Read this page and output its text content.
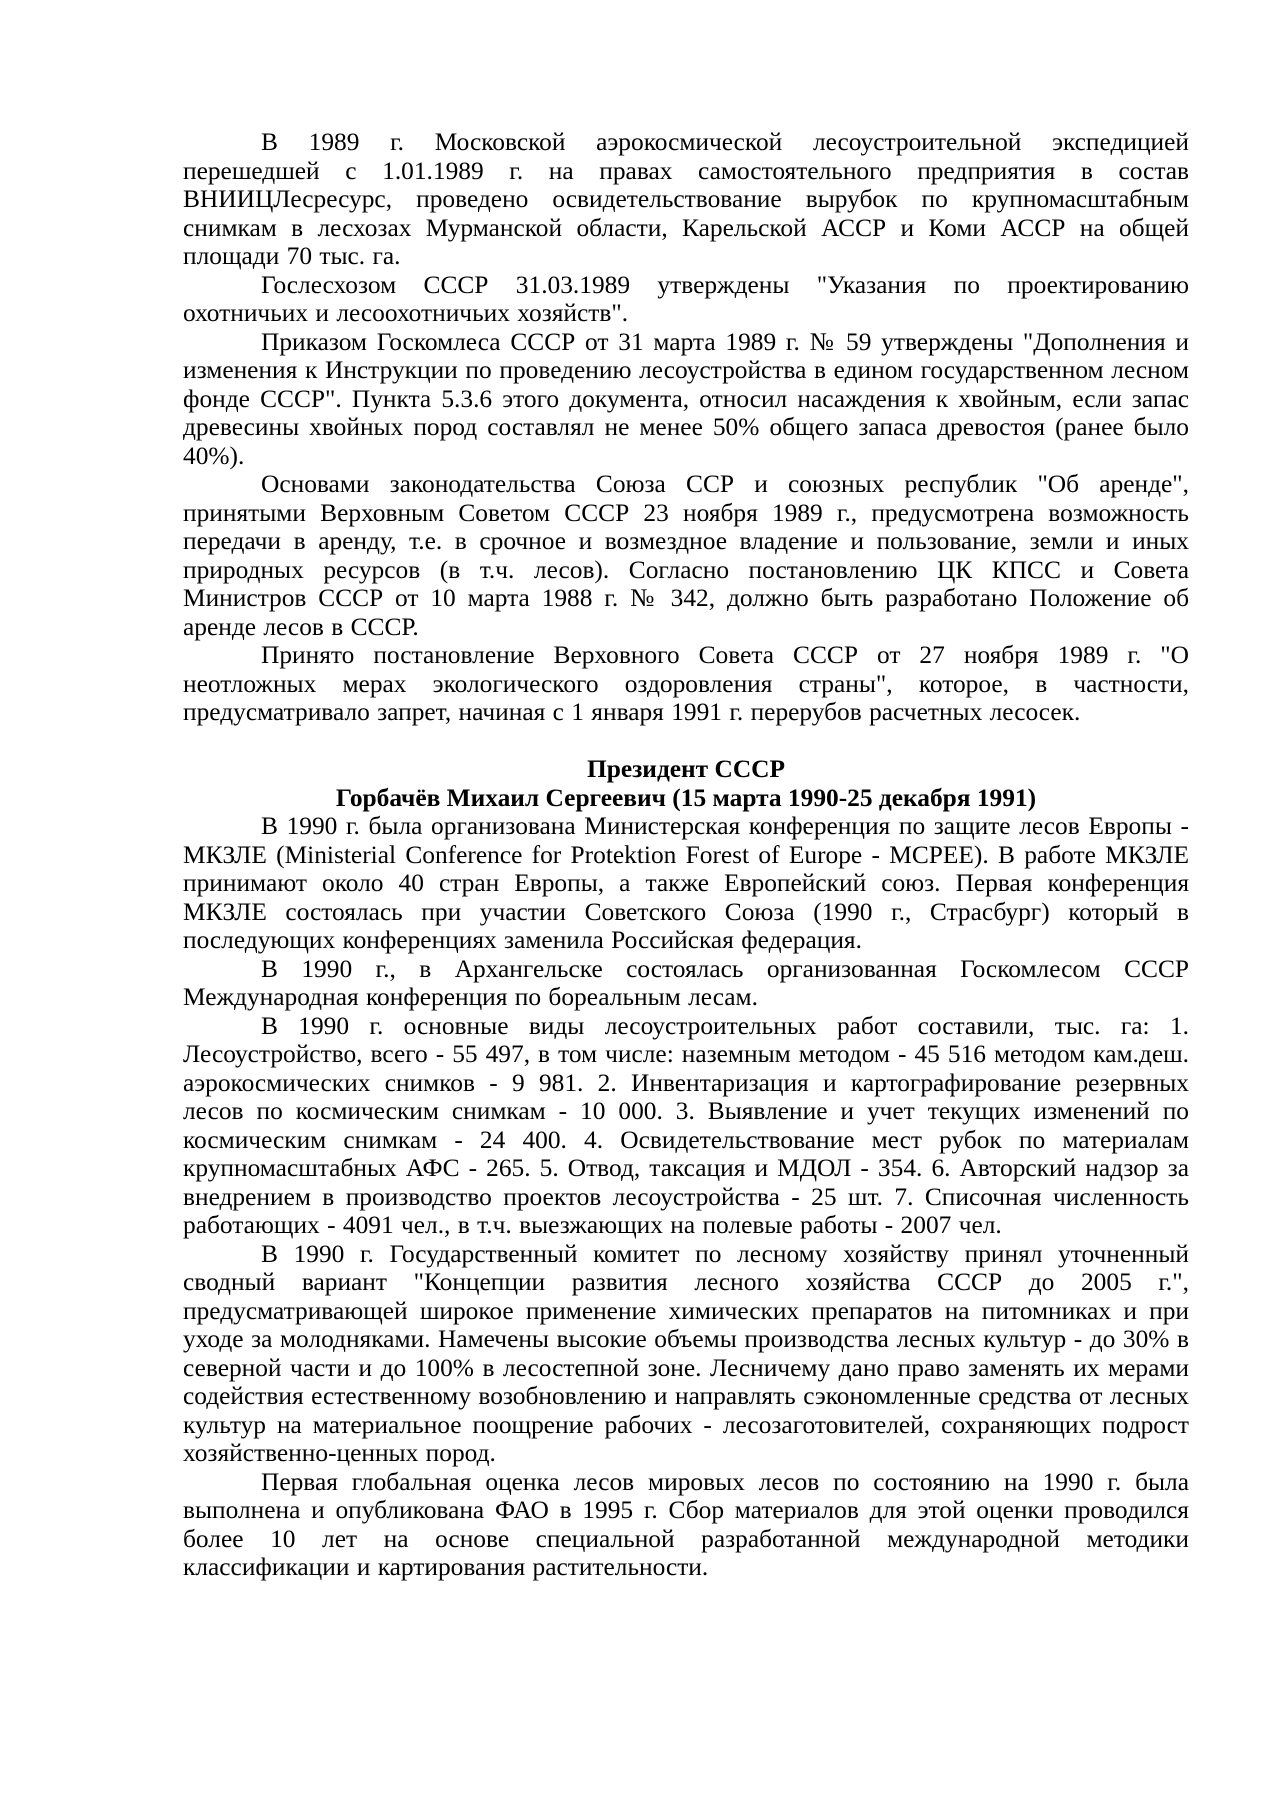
В 1989 г. Московской аэрокосмической лесоустроительной экспедицией перешедшей с 1.01.1989 г. на правах самостоятельного предприятия в состав ВНИИЦЛесресурс, проведено освидетельствование вырубок по крупномасштабным снимкам в лесхозах Мурманской области, Карельской АССР и Коми АССР на общей площади 70 тыс. га.

Гослесхозом СССР 31.03.1989 утверждены "Указания по проектированию охотничьих и лесоохотничьих хозяйств".

Приказом Госкомлеса СССР от 31 марта 1989 г. № 59 утверждены "Дополнения и изменения к Инструкции по проведению лесоустройства в едином государственном лесном фонде СССР". Пункта 5.3.6 этого документа, относил насаждения к хвойным, если запас древесины хвойных пород составлял не менее 50% общего запаса древостоя (ранее было 40%).

Основами законодательства Союза ССР и союзных республик "Об аренде", принятыми Верховным Советом СССР 23 ноября 1989 г., предусмотрена возможность передачи в аренду, т.е. в срочное и возмездное владение и пользование, земли и иных природных ресурсов (в т.ч. лесов). Согласно постановлению ЦК КПСС и Совета Министров СССР от 10 марта 1988 г. № 342, должно быть разработано Положение об аренде лесов в СССР.

Принято постановление Верховного Совета СССР от 27 ноября 1989 г. "О неотложных мерах экологического оздоровления страны", которое, в частности, предусматривало запрет, начиная с 1 января 1991 г. перерубов расчетных лесосек.

Президент СССР

Горбачёв Михаил Сергеевич (15 марта 1990-25 декабря 1991)

В 1990 г. была организована Министерская конференция по защите лесов Европы - МКЗЛЕ (Ministerial Conference for Protektion Forest of Europe - MCPEE). В работе МКЗЛЕ принимают около 40 стран Европы, а также Европейский союз. Первая конференция МКЗЛЕ состоялась при участии Советского Союза (1990 г., Страсбург) который в последующих конференциях заменила Российская федерация.

В 1990 г., в Архангельске состоялась организованная Госкомлесом СССР Международная конференция по бореальным лесам.

В 1990 г. основные виды лесоустроительных работ составили, тыс. га: 1. Лесоустройство, всего - 55 497, в том числе: наземным методом - 45 516 методом кам.деш. аэрокосмических снимков - 9 981. 2. Инвентаризация и картографирование резервных лесов по космическим снимкам - 10 000. 3. Выявление и учет текущих изменений по космическим снимкам - 24 400. 4. Освидетельствование мест рубок по материалам крупномасштабных АФС - 265. 5. Отвод, таксация и МДОЛ - 354. 6. Авторский надзор за внедрением в производство проектов лесоустройства - 25 шт. 7. Списочная численность работающих - 4091 чел., в т.ч. выезжающих на полевые работы - 2007 чел.

В 1990 г. Государственный комитет по лесному хозяйству принял уточненный сводный вариант "Концепции развития лесного хозяйства СССР до 2005 г.", предусматривающей широкое применение химических препаратов на питомниках и при уходе за молодняками. Намечены высокие объемы производства лесных культур - до 30% в северной части и до 100% в лесостепной зоне. Лесничему дано право заменять их мерами содействия естественному возобновлению и направлять сэкономленные средства от лесных культур на материальное поощрение рабочих - лесозаготовителей, сохраняющих подрост хозяйственно-ценных пород.

Первая глобальная оценка лесов мировых лесов по состоянию на 1990 г. была выполнена и опубликована ФАО в 1995 г. Сбор материалов для этой оценки проводился более 10 лет на основе специальной разработанной международной методики классификации и картирования растительности.
